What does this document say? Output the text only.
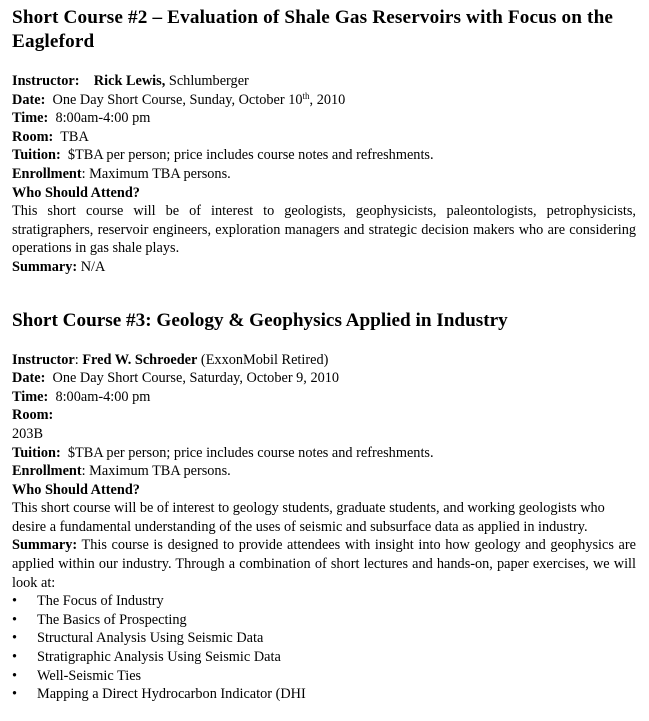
Short Course #2 – Evaluation of Shale Gas Reservoirs with Focus on the Eagleford
Instructor: Rick Lewis, Schlumberger
Date: One Day Short Course, Sunday, October 10th, 2010
Time: 8:00am-4:00 pm
Room: TBA
Tuition: $TBA per person; price includes course notes and refreshments.
Enrollment: Maximum TBA persons.
Who Should Attend?
This short course will be of interest to geologists, geophysicists, paleontologists, petrophysicists, stratigraphers, reservoir engineers, exploration managers and strategic decision makers who are considering operations in gas shale plays.
Summary: N/A
Short Course #3: Geology & Geophysics Applied in Industry
Instructor: Fred W. Schroeder (ExxonMobil Retired)
Date: One Day Short Course, Saturday, October 9, 2010
Time: 8:00am-4:00 pm
Room:
203B
Tuition: $TBA per person; price includes course notes and refreshments.
Enrollment: Maximum TBA persons.
Who Should Attend?
This short course will be of interest to geology students, graduate students, and working geologists who desire a fundamental understanding of the uses of seismic and subsurface data as applied in industry.
Summary: This course is designed to provide attendees with insight into how geology and geophysics are applied within our industry. Through a combination of short lectures and hands-on, paper exercises, we will look at:
• The Focus of Industry
• The Basics of Prospecting
• Structural Analysis Using Seismic Data
• Stratigraphic Analysis Using Seismic Data
• Well-Seismic Ties
• Mapping a Direct Hydrocarbon Indicator (DHI
